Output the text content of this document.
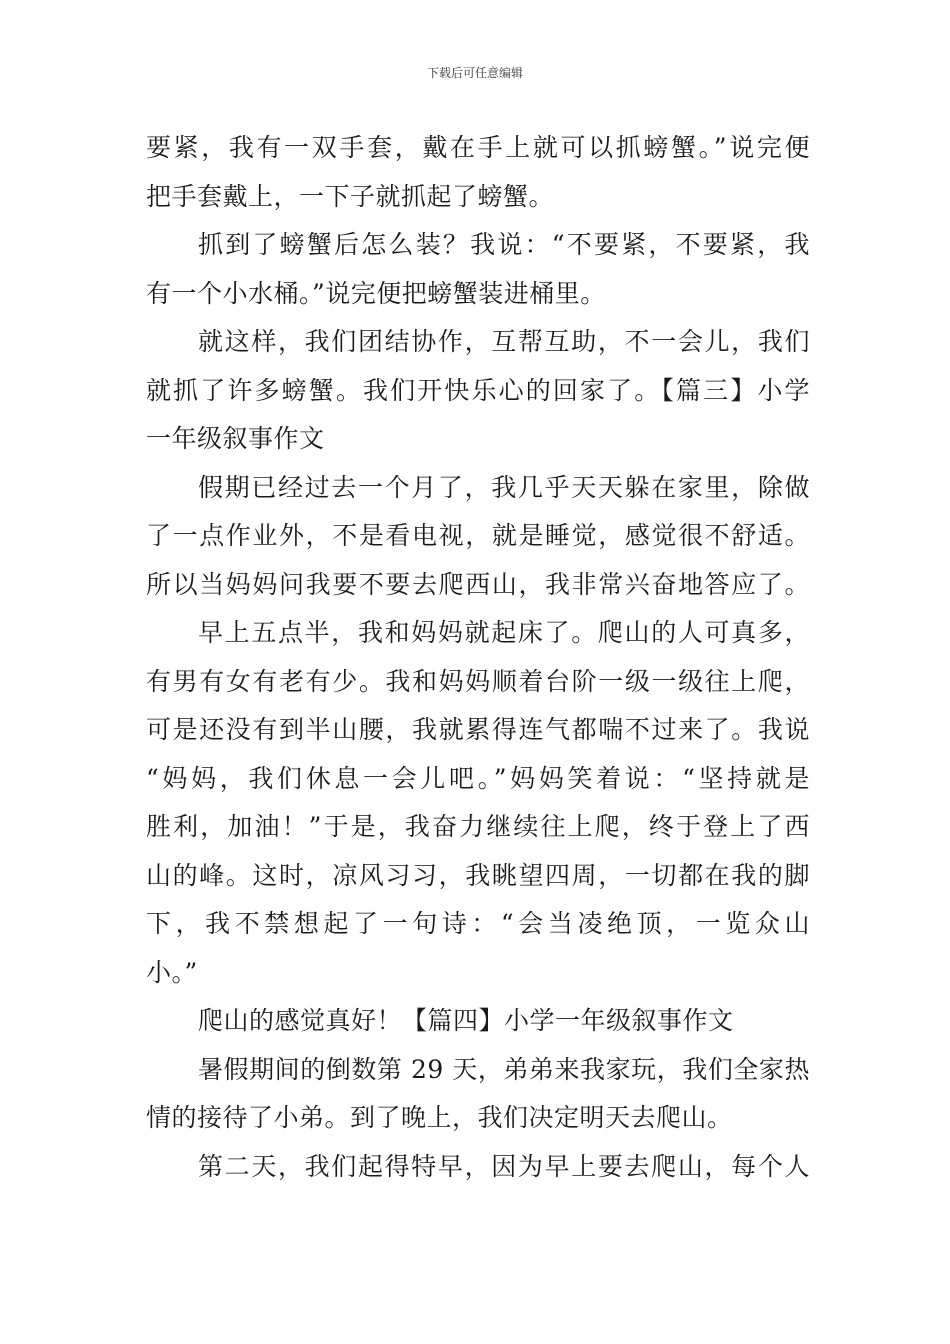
下载后可任意编辑
要紧，我有一双手套，戴在手上就可以抓螃蟹。”说完便
把手套戴上，一下子就抓起了螃蟹。
抓到了螃蟹后怎么装？我说：“不要紧，不要紧，我
有一个小水桶。”说完便把螃蟹装进桶里。
就这样，我们团结协作，互帮互助，不一会儿，我们
就抓了许多螃蟹。我们开快乐心的回家了。【篇三】小学
一年级叙事作文
假期已经过去一个月了，我几乎天天躲在家里，除做
了一点作业外，不是看电视，就是睡觉，感觉很不舒适。
所以当妈妈问我要不要去爬西山，我非常兴奋地答应了。
早上五点半，我和妈妈就起床了。爬山的人可真多，
有男有女有老有少。我和妈妈顺着台阶一级一级往上爬，
可是还没有到半山腰，我就累得连气都喘不过来了。我说
“妈妈，我们休息一会儿吧。”妈妈笑着说：“坚持就是
胜利，加油！”于是，我奋力继续往上爬，终于登上了西
山的峰。这时，凉风习习，我眺望四周，一切都在我的脚
下，我不禁想起了一句诗：“会当凌绝顶，一览众山
小。”
爬山的感觉真好！【篇四】小学一年级叙事作文
暑假期间的倒数第 29 天，弟弟来我家玩，我们全家热
情的接待了小弟。到了晚上，我们决定明天去爬山。
第二天，我们起得特早，因为早上要去爬山，每个人
